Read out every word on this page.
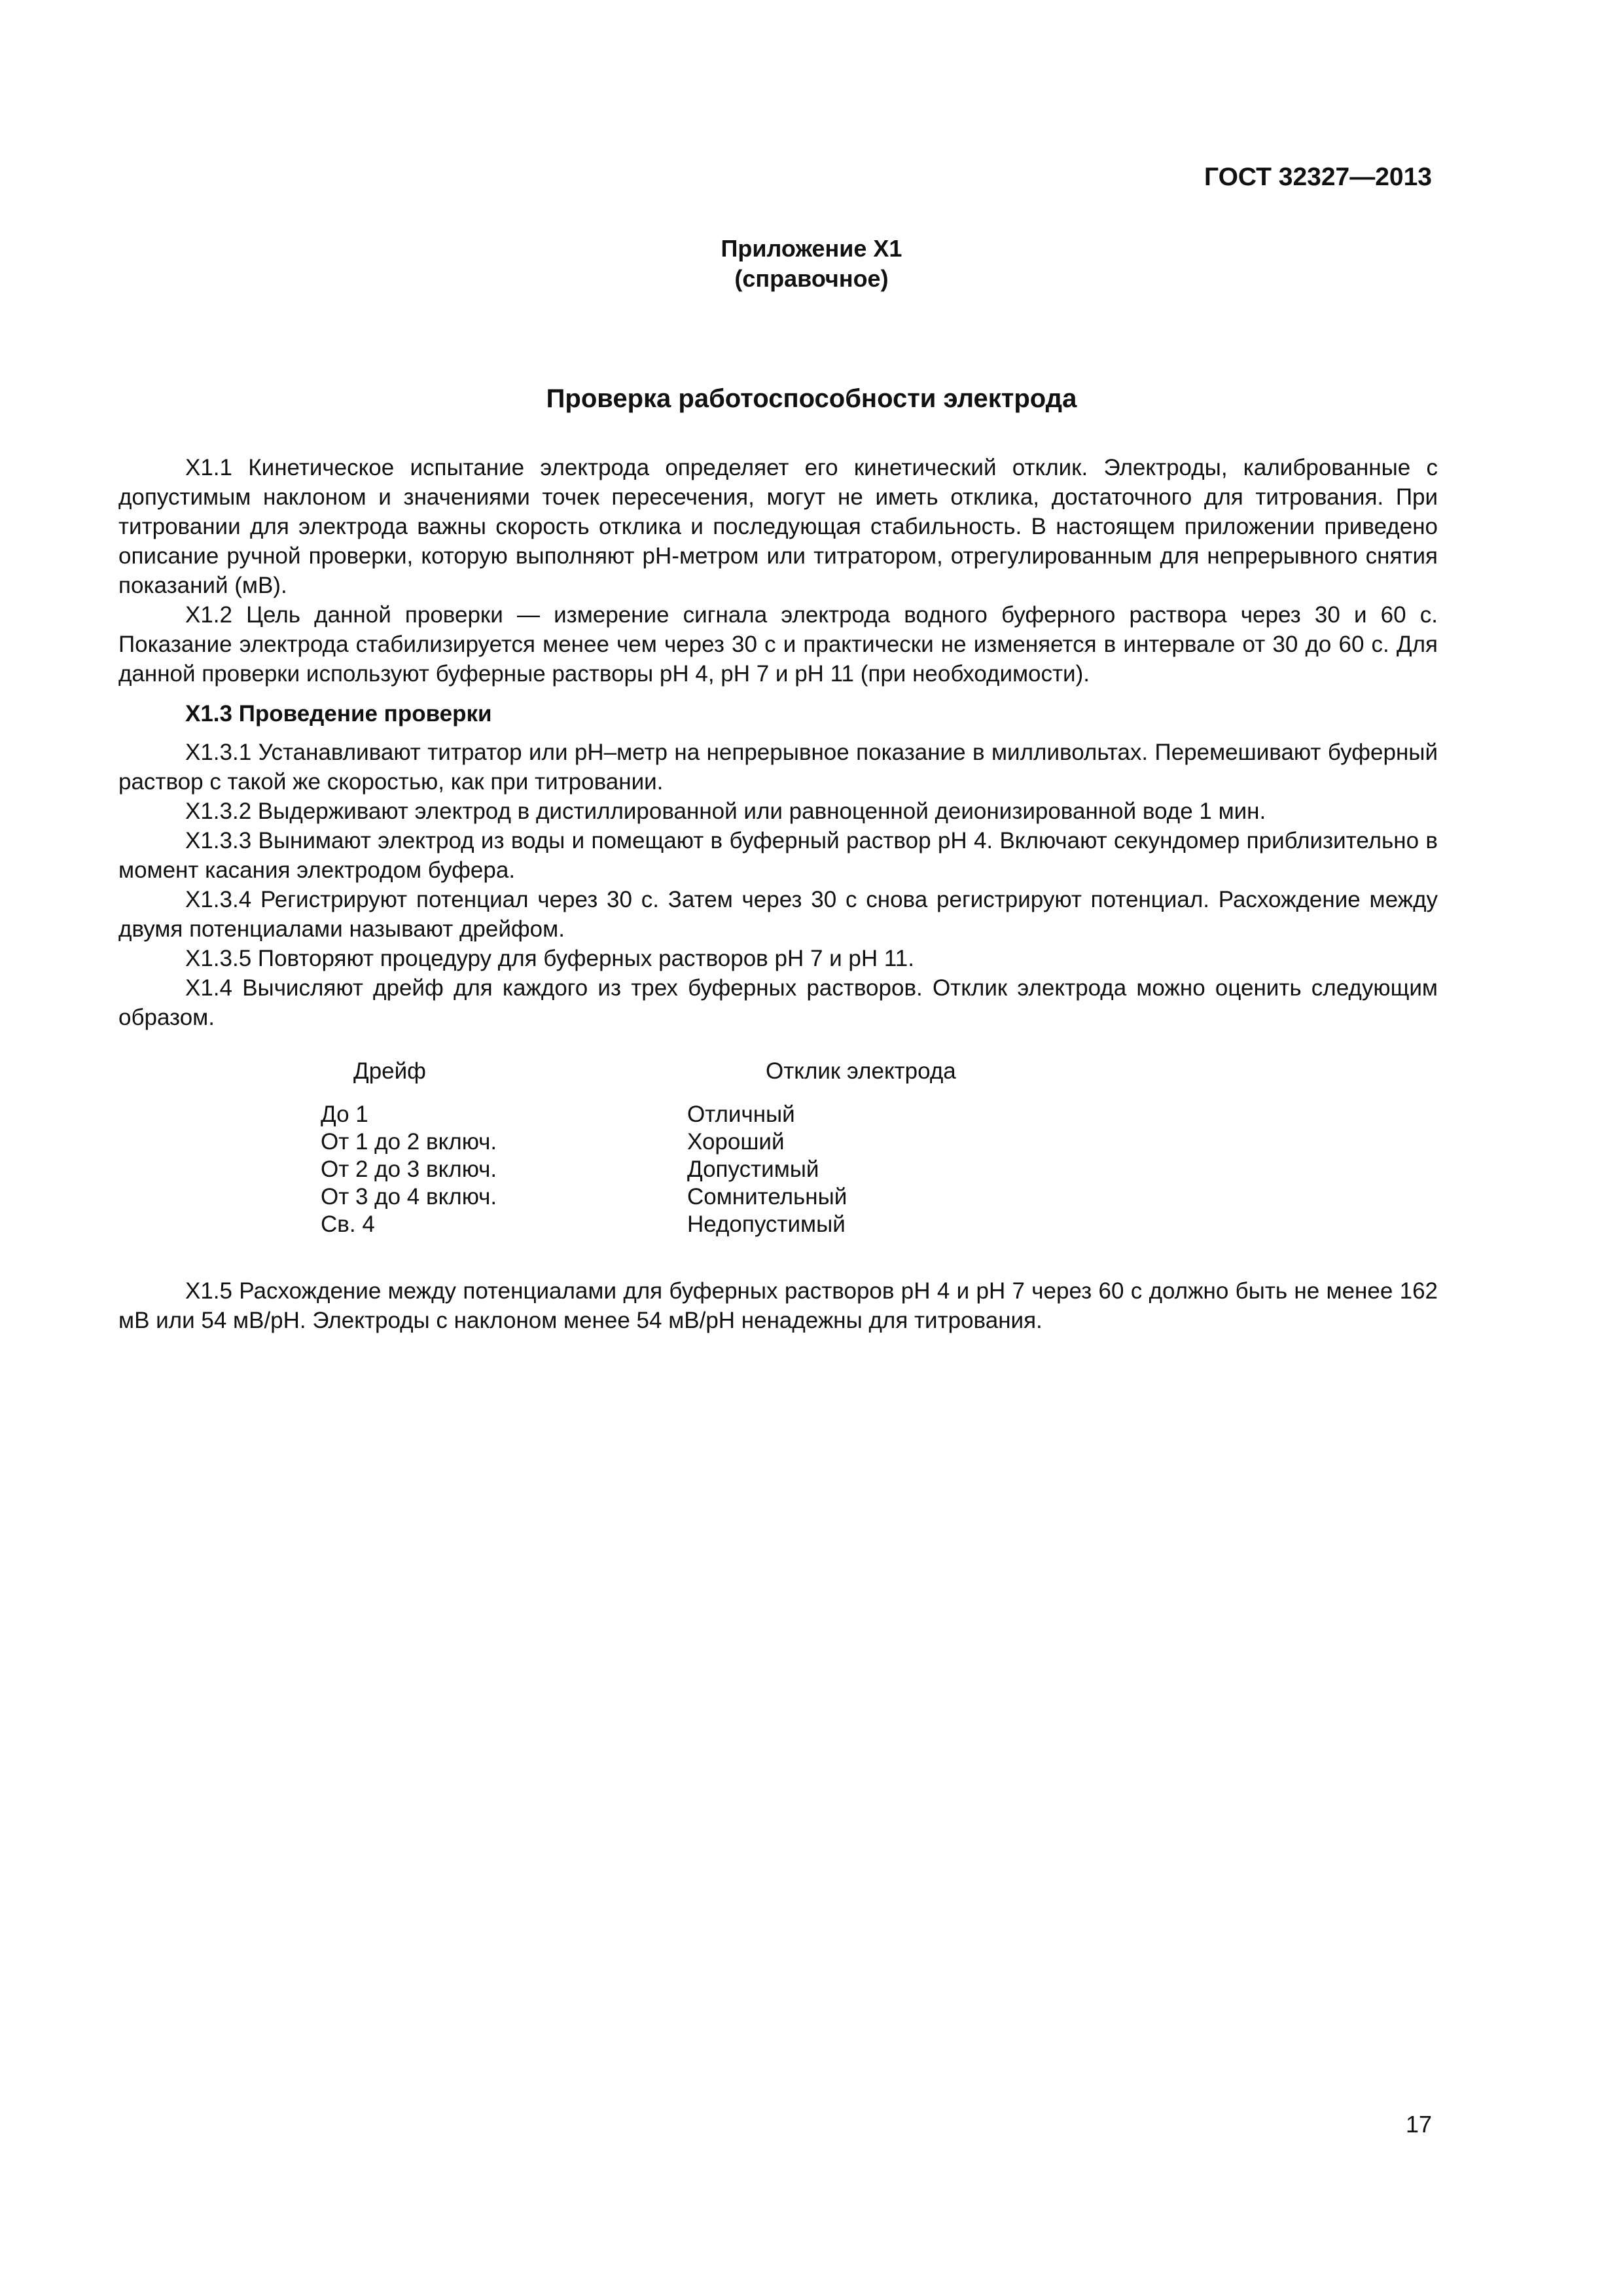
ГОСТ 32327—2013
Приложение Х1
(справочное)
Проверка работоспособности электрода

Х1.1 Кинетическое испытание электрода определяет его кинетический отклик. Электроды, калиброванные с допустимым наклоном и значениями точек пересечения, могут не иметь отклика, достаточного для титрования. При титровании для электрода важны скорость отклика и последующая стабильность. В настоящем приложении приведено описание ручной проверки, которую выполняют рН-метром или титратором, отрегулированным для непрерывного снятия показаний (мВ).

Х1.2 Цель данной проверки — измерение сигнала электрода водного буферного раствора через 30 и 60 с. Показание электрода стабилизируется менее чем через 30 с и практически не изменяется в интервале от 30 до 60 с. Для данной проверки используют буферные растворы рН 4, рН 7 и рН 11 (при необходимости).

Х1.3 Проведение проверки

Х1.3.1 Устанавливают титратор или рН–метр на непрерывное показание в милливольтах. Перемешивают буферный раствор с такой же скоростью, как при титровании.

Х1.3.2 Выдерживают электрод в дистиллированной или равноценной деионизированной воде 1 мин.

Х1.3.3 Вынимают электрод из воды и помещают в буферный раствор рН 4. Включают секундомер приблизительно в момент касания электродом буфера.

Х1.3.4 Регистрируют потенциал через 30 с. Затем через 30 с снова регистрируют потенциал. Расхождение между двумя потенциалами называют дрейфом.

Х1.3.5 Повторяют процедуру для буферных растворов рН 7 и рН 11.

Х1.4 Вычисляют дрейф для каждого из трех буферных растворов. Отклик электрода можно оценить следующим образом.

Дрейф	Отклик электрода
До 1	Отличный
От 1 до 2 включ.	Хороший
От 2 до 3 включ.	Допустимый
От 3 до 4 включ.	Сомнительный
Св. 4	Недопустимый

Х1.5 Расхождение между потенциалами для буферных растворов рН 4 и рН 7 через 60 с должно быть не менее 162 мВ или 54 мВ/рН. Электроды с наклоном менее 54 мВ/рН ненадежны для титрования.

17
